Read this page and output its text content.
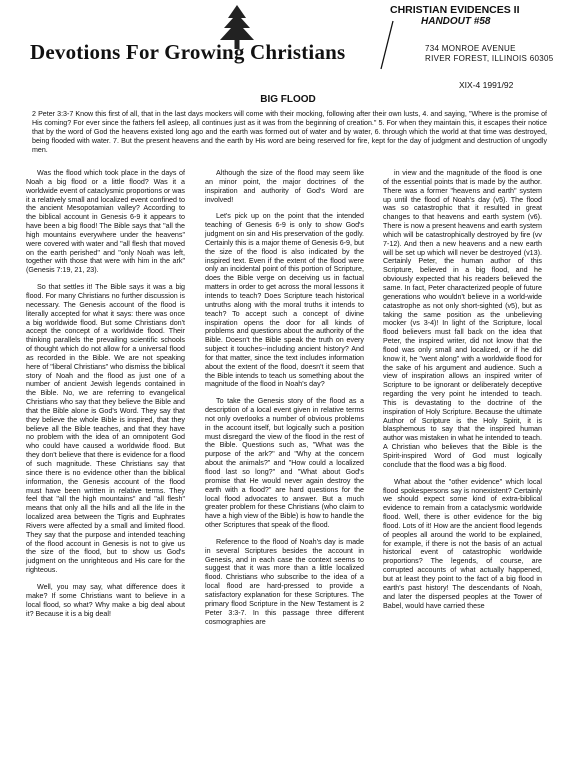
Devotions For Growing Christians
CHRISTIAN EVIDENCES II
HANDOUT #58
734 MONROE AVENUE
RIVER FOREST, ILLINOIS 60305
XIX-4 1991/92
BIG FLOOD
2 Peter 3:3-7 Know this first of all, that in the last days mockers will come with their mocking, following after their own lusts, 4. and saying, "Where is the promise of His coming? For ever since the fathers fell asleep, all continues just as it was from the beginning of creation." 5. For when they maintain this, it escapes their notice that by the word of God the heavens existed long ago and the earth was formed out of water and by water, 6. through which the world at that time was destroyed, being flooded with water. 7. But the present heavens and the earth by His word are being reserved for fire, kept for the day of judgment and destruction of ungodly men.

Was the flood which took place in the days of Noah a big flood or a little flood? Was it a worldwide event of cataclysmic proportions or was it a relatively small and localized event confined to the ancient Mesopotamian valley? According to the biblical account in Genesis 6-9 it appears to have been a big flood! The Bible says that "all the high mountains everywhere under the heavens" were covered with water and "all flesh that moved on the earth perished" and "only Noah was left, together with those that were with him in the ark" (Genesis 7:19, 21, 23).

So that settles it! The Bible says it was a big flood. For many Christians no further discussion is necessary. The Genesis account of the flood is literally accepted for what it says: there was once a big worldwide flood. But some Christians don't accept the concept of a worldwide flood. Their thinking parallels the prevailing scientific schools of thought which do not allow for a universal flood as recorded in the Bible. We are not speaking here of "liberal Christians" who dismiss the biblical story of Noah and the flood as just one of a number of ancient Jewish legends contained in the Bible. No, we are referring to evangelical Christians who say that they believe the Bible and that the Bible alone is God's Word. They say that they believe the whole Bible is inspired, that they believe all the Bible teaches, and that they have no problem with the idea of an omnipotent God who could have caused a worldwide flood. But they don't believe that there is evidence for a flood of such magnitude. These Christians say that since there is no evidence other than the biblical information, the Genesis account of the flood must have been written in relative terms. They feel that "all the high mountains" and "all flesh" means that only all the hills and all the life in the localized area between the Tigris and Euphrates Rivers were affected by a small and limited flood. They say that the purpose and intended teaching of the flood account in Genesis is not to give us the size of the flood, but to show us God's judgment on the unrighteous and His care for the righteous.

Well, you may say, what difference does it make? If some Christians want to believe in a local flood, so what? Why make a big deal about it? Because it is a big deal!

Although the size of the flood may seem like an minor point, the major doctrines of the inspiration and authority of God's Word are involved!

Let's pick up on the point that the intended teaching of Genesis 6-9 is only to show God's judgment on sin and His preservation of the godly. Certainly this is a major theme of Genesis 6-9, but the size of the flood is also indicated by the inspired text. Even if the extent of the flood were only an incidental point of this portion of Scripture, does the Bible verge on deceiving us in factual matters in order to get across the moral lessons it intends to teach? Does Scripture teach historical untruths along with the moral truths it intends to teach? To accept such a concept of divine inspiration opens the door for all kinds of problems and questions about the authority of the Bible. Doesn't the Bible speak the truth on every subject it touches--including ancient history? And for that matter, since the text includes information about the extent of the flood, doesn't it seem that the Bible intends to teach us something about the magnitude of the flood in Noah's day?

To take the Genesis story of the flood as a description of a local event given in relative terms not only overlooks a number of obvious problems in the account itself, but logically such a position must disregard the view of the flood in the rest of the Bible. Questions such as, "What was the purpose of the ark?" and "Why at the concern about the animals?" and "How could a localized flood last so long?" and "What about God's promise that He would never again destroy the earth with a flood?" are hard questions for the local flood advocates to answer. But a much greater problem for these Christians (who claim to have a high view of the Bible) is how to handle the other Scriptures that speak of the flood.

Reference to the flood of Noah's day is made in several Scriptures besides the account in Genesis, and in each case the context seems to suggest that it was more than a little localized flood. Christians who subscribe to the idea of a local flood are hard-pressed to provide a satisfactory explanation for these Scriptures. The primary flood Scripture in the New Testament is 2 Peter 3:3-7. In this passage three different cosmographies are

in view and the magnitude of the flood is one of the essential points that is made by the author. There was a former "heavens and earth" system up until the flood of Noah's day (v5). The flood was so catastrophic that it resulted in great changes to that heavens and earth system (v6). There is now a present heavens and earth system which will be catastrophically destroyed by fire (vv 7-12). And then a new heavens and a new earth will be set up which will never be destroyed (v13). Certainly Peter, the human author of this Scripture, believed in a big flood, and he obviously expected that his readers believed the same. In fact, Peter characterized people of future generations who wouldn't believe in a world-wide catastrophe as not only short-sighted (v5), but as taking the same position as the unbelieving mocker (vs 3-4)! In light of the Scripture, local flood believers must fall back on the idea that Peter, the inspired writer, did not know that the flood was only small and localized, or if he did know it, he "went along" with a worldwide flood for the sake of his argument and audience. Such a view of inspiration allows an inspired writer of Scripture to be ignorant or deliberately deceptive regarding the very point he intended to teach. This is devastating to the doctrine of the inspiration of Holy Scripture. Because the ultimate Author of Scripture is the Holy Spirit, it is blasphemous to say that the inspired human author was mistaken in what he intended to teach. A Christian who believes that the Bible is the Spirit-inspired Word of God must logically conclude that the flood was a big flood.

What about the "other evidence" which local flood spokespersons say is nonexistent? Certainly we should expect some kind of extra-biblical evidence to remain from a cataclysmic worldwide flood. Well, there is other evidence for the big flood. Lots of it! How are the ancient flood legends of peoples all around the world to be explained, for example, if there is not the basis of an actual historical event of catastrophic worldwide proportions? The legends, of course, are corrupted accounts of what actually happened, but at least they point to the fact of a big flood in earth's past history! The descendants of Noah, and later the dispersed peoples at the Tower of Babel, would have carried these
